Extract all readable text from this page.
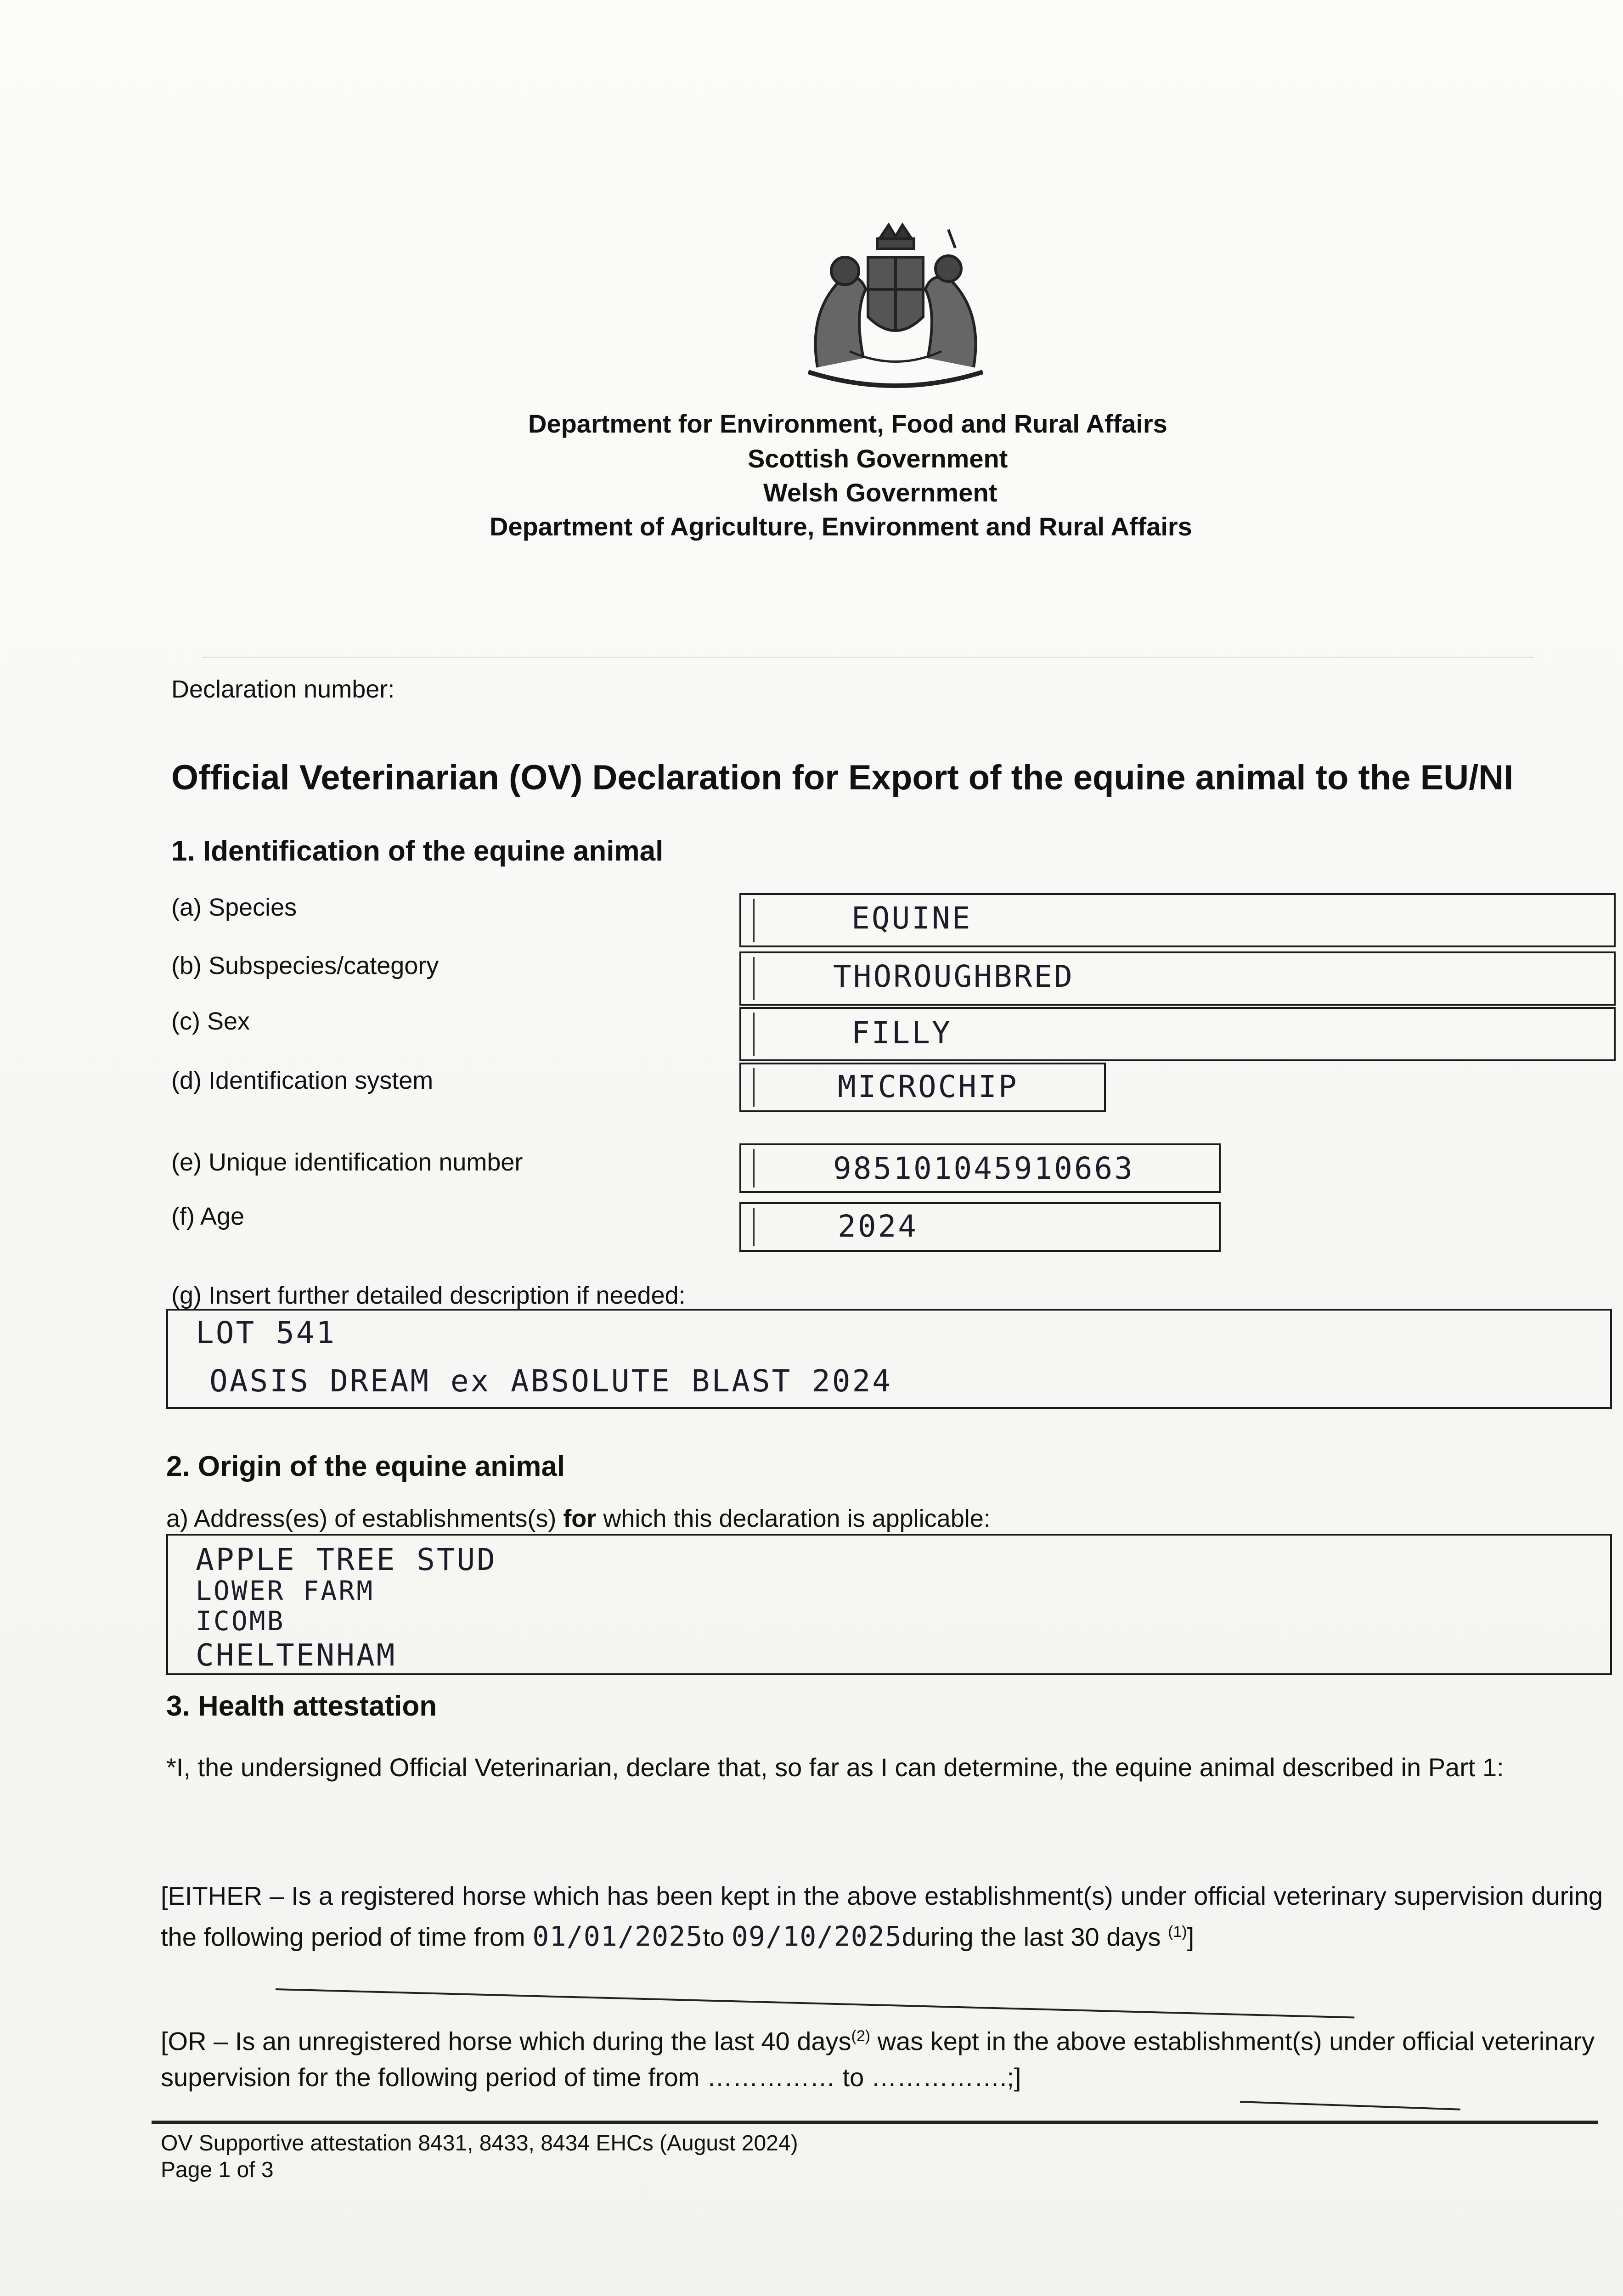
Department for Environment, Food and Rural Affairs
Scottish Government
Welsh Government
Department of Agriculture, Environment and Rural Affairs
Declaration number:
Official Veterinarian (OV) Declaration for Export of the equine animal to the EU/NI
1. Identification of the equine animal
(a) Species
(b) Subspecies/category
(c) Sex
(d) Identification system
(e) Unique identification number
(f) Age
EQUINE
THOROUGHBRED
FILLY
MICROCHIP
985101045910663
2024
(g) Insert further detailed description if needed:
LOT 541
OASIS DREAM ex ABSOLUTE BLAST 2024
2. Origin of the equine animal
a) Address(es) of establishments(s) for which this declaration is applicable:
APPLE TREE STUD
LOWER FARM
ICOMB
CHELTENHAM
3. Health attestation
*I, the undersigned Official Veterinarian, declare that, so far as I can determine, the equine animal described in Part 1:
[EITHER – Is a registered horse which has been kept in the above establishment(s) under official veterinary supervision during the following period of time from 01/01/2025to 09/10/2025during the last 30 days $^{(1)}$]
[OR – Is an unregistered horse which during the last 40 days$^{(2)}$ was kept in the above establishment(s) under official veterinary supervision for the following period of time from …………… to …………….;]
OV Supportive attestation 8431, 8433, 8434 EHCs (August 2024)
Page 1 of 3
